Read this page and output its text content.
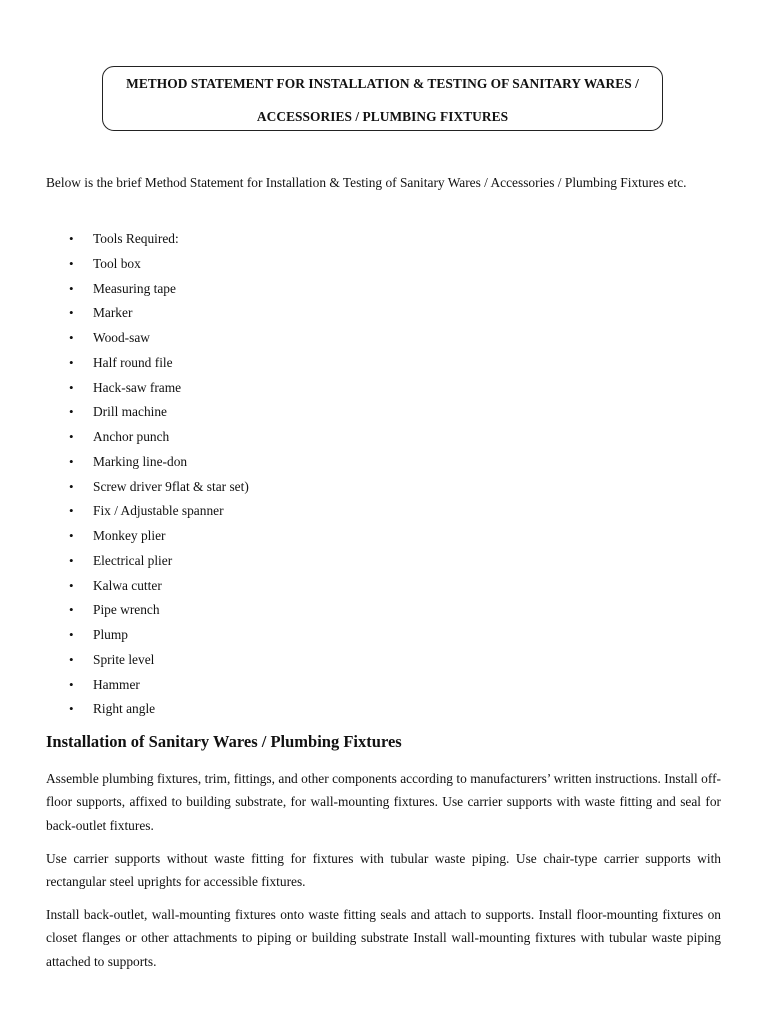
METHOD STATEMENT FOR INSTALLATION & TESTING OF SANITARY WARES /
ACCESSORIES / PLUMBING FIXTURES
Below is the brief Method Statement for Installation & Testing of Sanitary Wares / Accessories / Plumbing Fixtures etc.
• Tools Required:
• Tool box
• Measuring tape
• Marker
• Wood-saw
• Half round file
• Hack-saw frame
• Drill machine
• Anchor punch
• Marking line-don
• Screw driver 9flat & star set)
• Fix / Adjustable spanner
• Monkey plier
• Electrical plier
• Kalwa cutter
• Pipe wrench
• Plump
• Sprite level
• Hammer
• Right angle
Installation of Sanitary Wares / Plumbing Fixtures

Assemble plumbing fixtures, trim, fittings, and other components according to manufacturers’ written instructions. Install off-floor supports, affixed to building substrate, for wall-mounting fixtures. Use carrier supports with waste fitting and seal for back-outlet fixtures.

Use carrier supports without waste fitting for fixtures with tubular waste piping. Use chair-type carrier supports with rectangular steel uprights for accessible fixtures.

Install back-outlet, wall-mounting fixtures onto waste fitting seals and attach to supports. Install floor-mounting fixtures on closet flanges or other attachments to piping or building substrate Install wall-mounting fixtures with tubular waste piping attached to supports.
